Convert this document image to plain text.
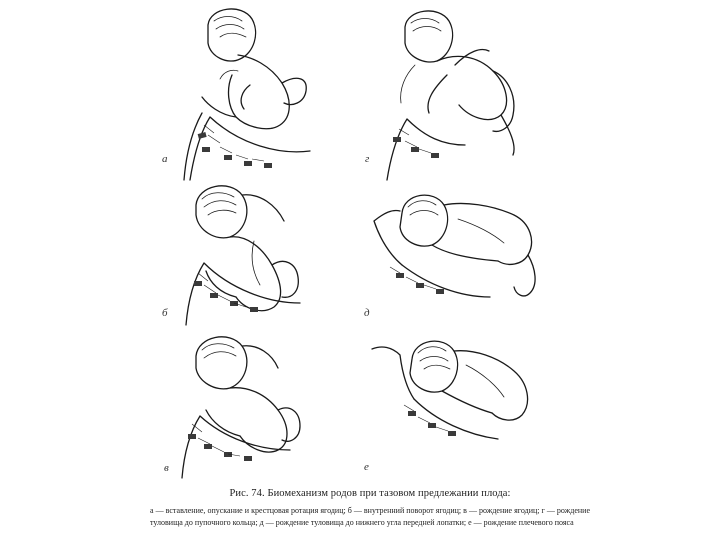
а	г
б	д
в	е

Рис. 74. Биомеханизм родов при тазовом предлежании плода:

а — вставление, опускание и крестцовая ротация ягодиц; б — внутренний поворот ягодиц; в — рождение ягодиц; г — рождение туловища до пупочного кольца; д — рождение туловища до нижнего угла передней лопатки; е — рождение плечевого пояса
